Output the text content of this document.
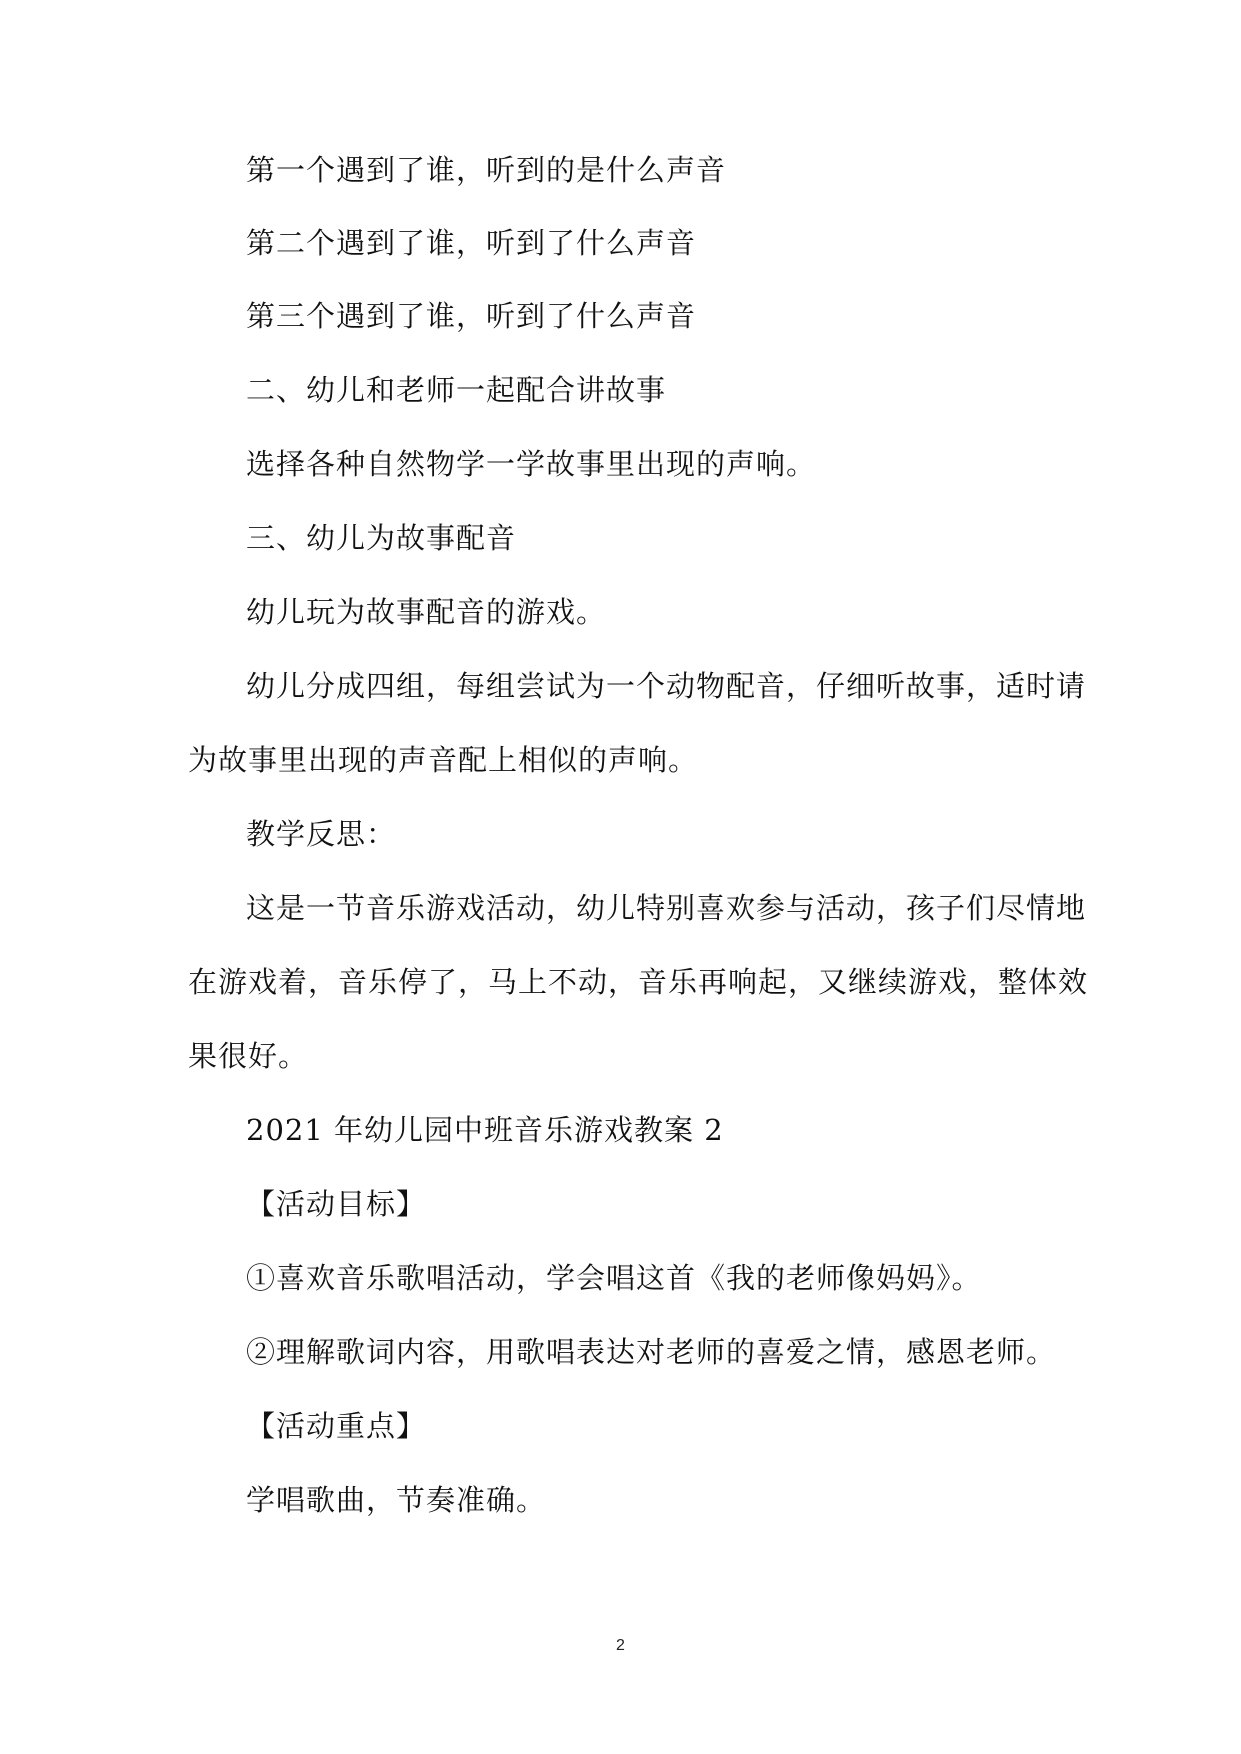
第一个遇到了谁，听到的是什么声音
第二个遇到了谁，听到了什么声音
第三个遇到了谁，听到了什么声音
二、幼儿和老师一起配合讲故事
选择各种自然物学一学故事里出现的声响。
三、幼儿为故事配音
幼儿玩为故事配音的游戏。
幼儿分成四组，每组尝试为一个动物配音，仔细听故事，适时请
为故事里出现的声音配上相似的声响。
教学反思：
这是一节音乐游戏活动，幼儿特别喜欢参与活动，孩子们尽情地
在游戏着，音乐停了，马上不动，音乐再响起，又继续游戏，整体效
果很好。
2021 年幼儿园中班音乐游戏教案 2
【活动目标】
①喜欢音乐歌唱活动，学会唱这首《我的老师像妈妈》。
②理解歌词内容，用歌唱表达对老师的喜爱之情，感恩老师。
【活动重点】
学唱歌曲，节奏准确。
2
